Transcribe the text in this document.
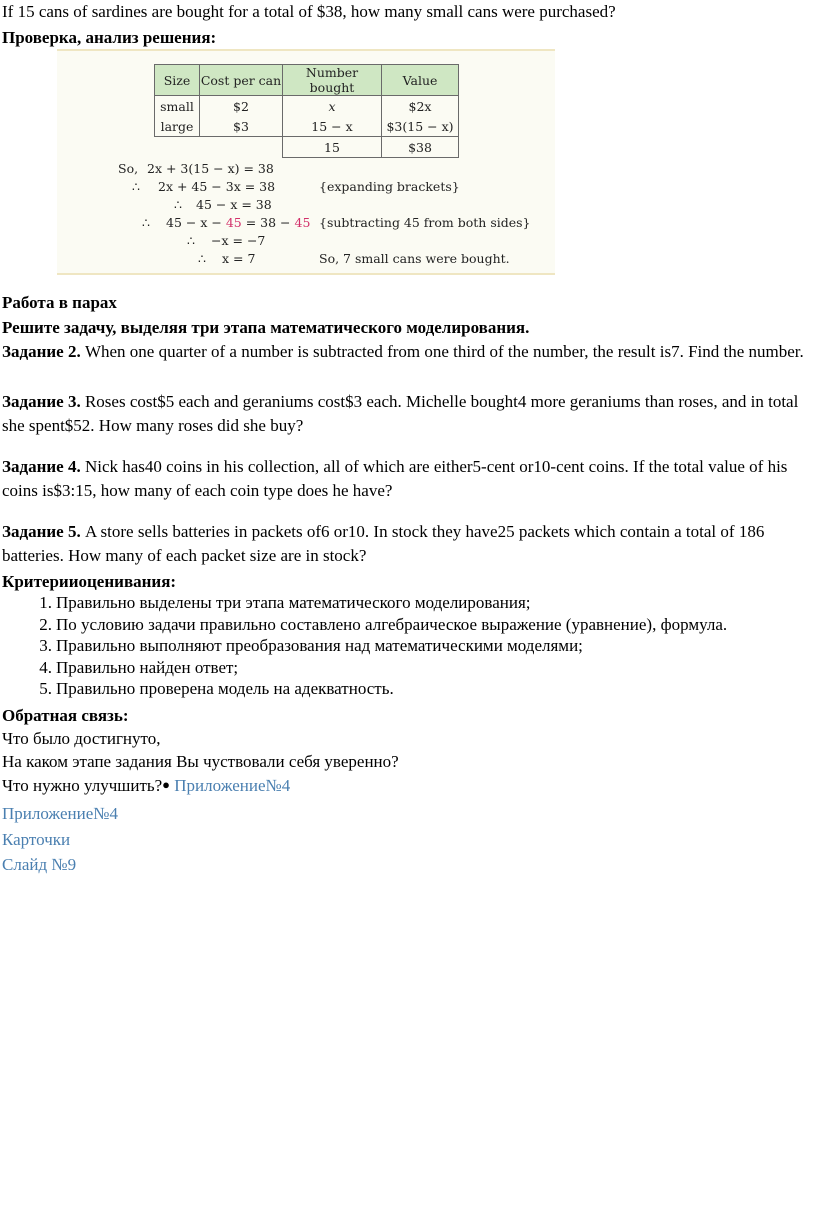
If 15 cans of sardines are bought for a total of $38, how many small cans were purchased?
Проверка, анализ решения:
Size	Cost per can	Number bought	Value
small	$2	x	$2x
large	$3	15 − x	$3(15 − x)
		15	$38
So, 2x + 3(15 − x) = 38
∴ 2x + 45 − 3x = 38	{expanding brackets}
∴ 45 − x = 38
∴ 45 − x − 45 = 38 − 45 {subtracting 45 from both sides}
∴ −x = −7
∴ x = 7	So, 7 small cans were bought.
Работа в парах
Решите задачу, выделяя три этапа математического моделирования.
Задание 2. When one quarter of a number is subtracted from one third of the number, the result is7. Find the number.
Задание 3. Roses cost$5 each and geraniums cost$3 each. Michelle bought4 more geraniums than roses, and in total she spent$52. How many roses did she buy?
Задание 4. Nick has40 coins in his collection, all of which are either5-cent or10-cent coins. If the total value of his coins is$3:15, how many of each coin type does he have?
Задание 5. A store sells batteries in packets of6 or10. In stock they have25 packets which contain a total of 186 batteries. How many of each packet size are in stock?
Критерииоценивания:
1. Правильно выделены три этапа математического моделирования;
2. По условию задачи правильно составлено алгебраическое выражение (уравнение), формула.
3. Правильно выполняют преобразования над математическими моделями;
4. Правильно найден ответ;
5. Правильно проверена модель на адекватность.
Обратная связь:
Что было достигнуто,
На каком этапе задания Вы чуствовали себя уверенно?
Что нужно улучшить?● Приложение№4
Приложение№4
Карточки
Слайд №9
